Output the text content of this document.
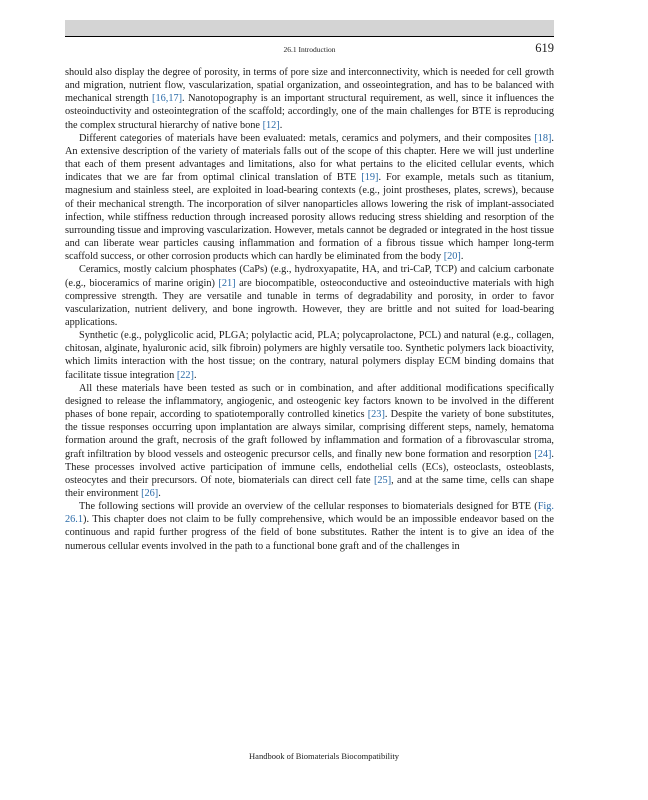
26.1 Introduction	619

should also display the degree of porosity, in terms of pore size and interconnectivity, which is needed for cell growth and migration, nutrient flow, vascularization, spatial organization, and osseointegration, and has to be balanced with mechanical strength [16,17]. Nanotopography is an important structural requirement, as well, since it influences the osteoinductivity and osteointegration of the scaffold; accordingly, one of the main challenges for BTE is reproducing the complex structural hierarchy of native bone [12].

Different categories of materials have been evaluated: metals, ceramics and polymers, and their composites [18]. An extensive description of the variety of materials falls out of the scope of this chapter. Here we will just underline that each of them present advantages and limitations, also for what pertains to the elicited cellular events, which indicates that we are far from optimal clinical translation of BTE [19]. For example, metals such as titanium, magnesium and stainless steel, are exploited in load-bearing contexts (e.g., joint prostheses, plates, screws), because of their mechanical strength. The incorporation of silver nanoparticles allows lowering the risk of implant-associated infection, while stiffness reduction through increased porosity allows reducing stress shielding and resorption of the surrounding tissue and improving vascularization. However, metals cannot be degraded or integrated in the host tissue and can liberate wear particles causing inflammation and formation of a fibrous tissue which hamper long-term scaffold success, or other corrosion products which can hardly be eliminated from the body [20].

Ceramics, mostly calcium phosphates (CaPs) (e.g., hydroxyapatite, HA, and tri-CaP, TCP) and calcium carbonate (e.g., bioceramics of marine origin) [21] are biocompatible, osteoconductive and osteoinductive materials with high compressive strength. They are versatile and tunable in terms of degradability and porosity, in order to favor vascularization, nutrient delivery, and bone ingrowth. However, they are brittle and not suited for load-bearing applications.

Synthetic (e.g., polyglicolic acid, PLGA; polylactic acid, PLA; polycaprolactone, PCL) and natural (e.g., collagen, chitosan, alginate, hyaluronic acid, silk fibroin) polymers are highly versatile too. Synthetic polymers lack bioactivity, which limits interaction with the host tissue; on the contrary, natural polymers display ECM binding domains that facilitate tissue integration [22].

All these materials have been tested as such or in combination, and after additional modifications specifically designed to release the inflammatory, angiogenic, and osteogenic key factors known to be involved in the different phases of bone repair, according to spatiotemporally controlled kinetics [23]. Despite the variety of bone substitutes, the tissue responses occurring upon implantation are always similar, comprising different steps, namely, hematoma formation around the graft, necrosis of the graft followed by inflammation and formation of a fibrovascular stroma, graft infiltration by blood vessels and osteogenic precursor cells, and finally new bone formation and resorption [24]. These processes involved active participation of immune cells, endothelial cells (ECs), osteoclasts, osteoblasts, osteocytes and their precursors. Of note, biomaterials can direct cell fate [25], and at the same time, cells can shape their environment [26].

The following sections will provide an overview of the cellular responses to biomaterials designed for BTE (Fig. 26.1). This chapter does not claim to be fully comprehensive, which would be an impossible endeavor based on the continuous and rapid further progress of the field of bone substitutes. Rather the intent is to give an idea of the numerous cellular events involved in the path to a functional bone graft and of the challenges in

Handbook of Biomaterials Biocompatibility
